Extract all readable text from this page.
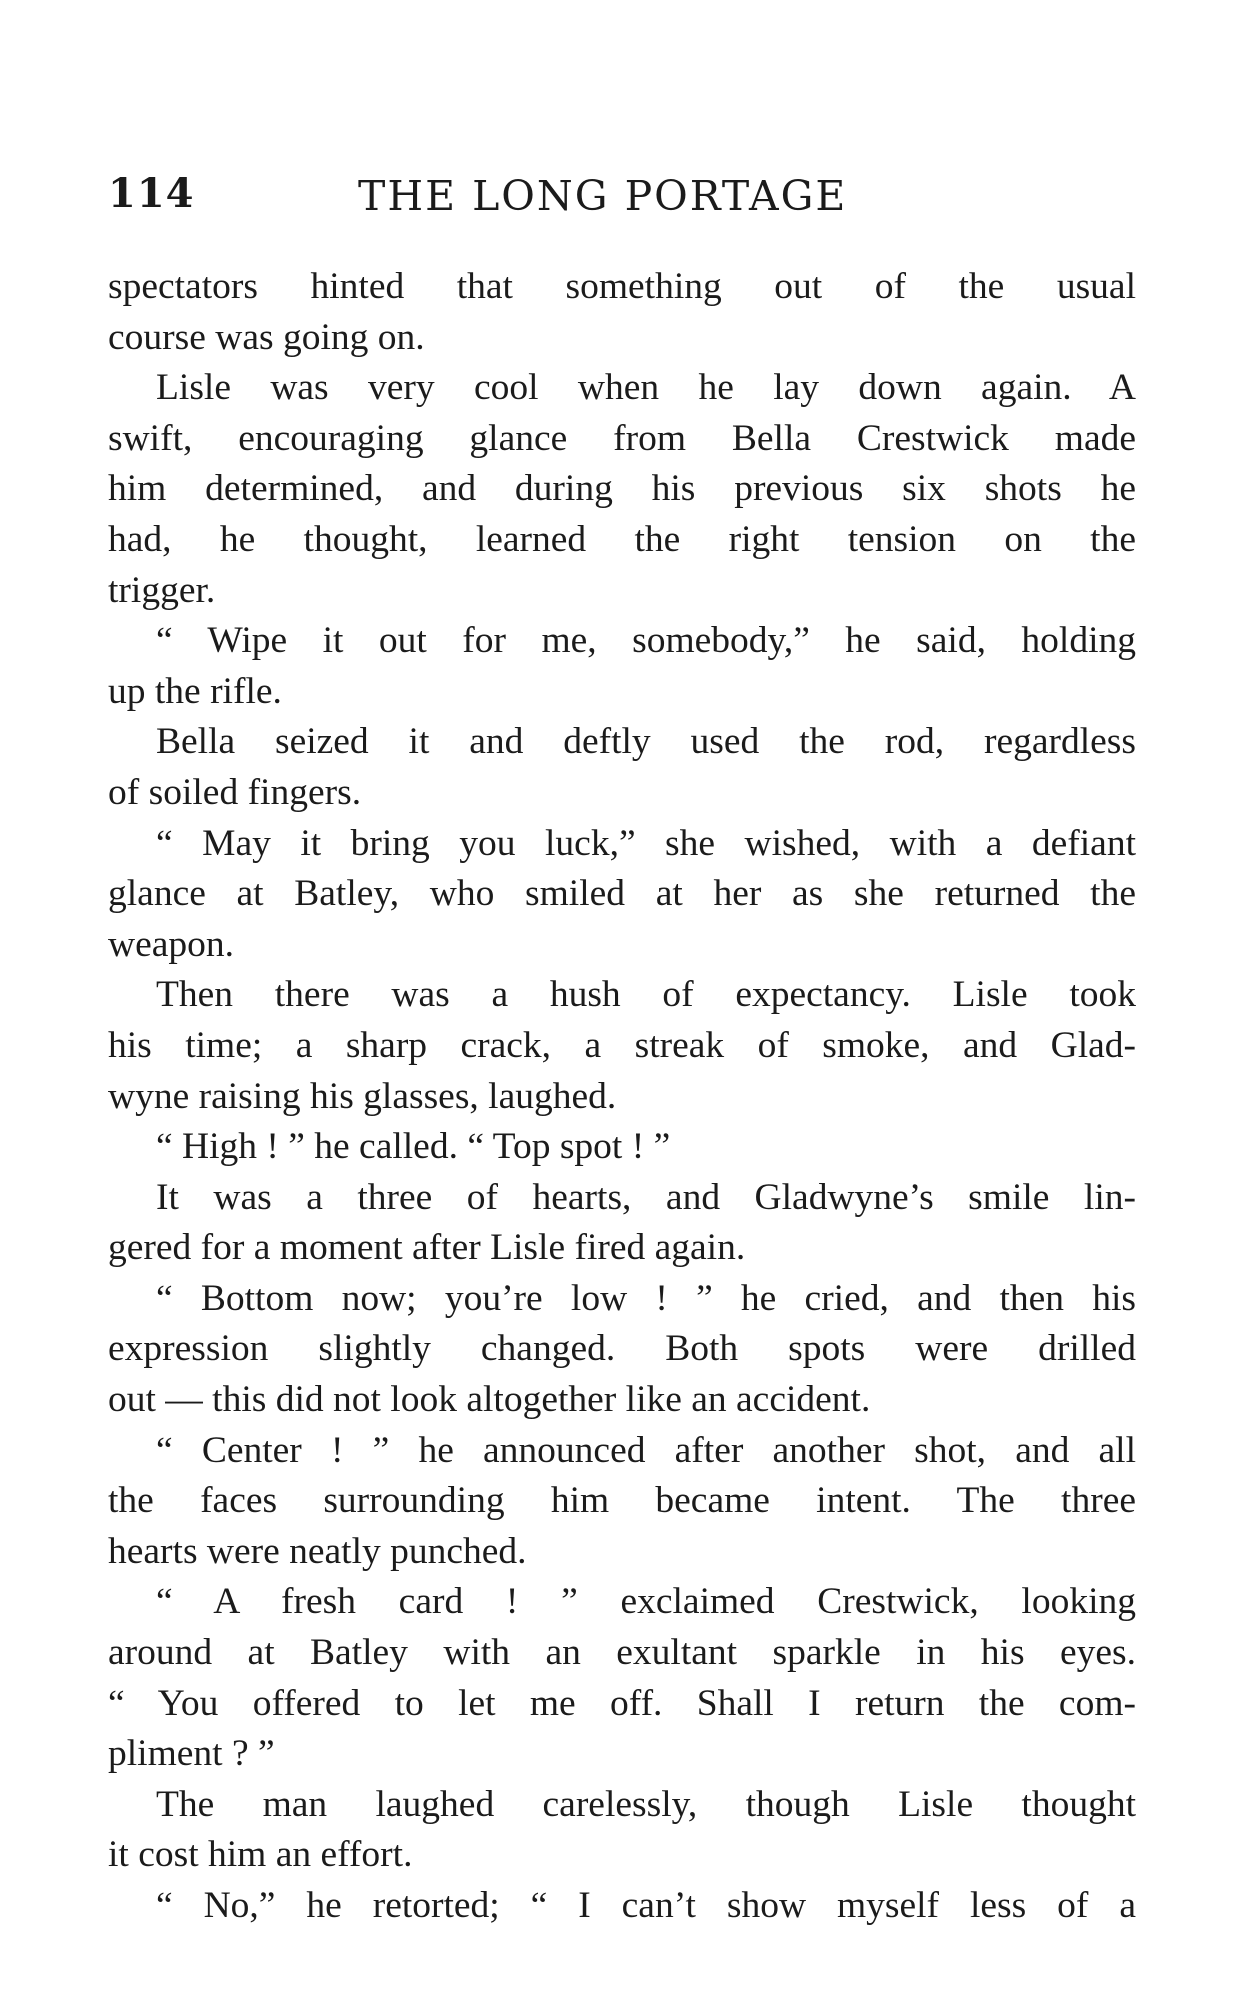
114	THE LONG PORTAGE
spectators hinted that something out of the usual
course was going on.
Lisle was very cool when he lay down again. A
swift, encouraging glance from Bella Crestwick made
him determined, and during his previous six shots he
had, he thought, learned the right tension on the
trigger.
“ Wipe it out for me, somebody,” he said, holding
up the rifle.
Bella seized it and deftly used the rod, regardless
of soiled fingers.
“ May it bring you luck,” she wished, with a defiant
glance at Batley, who smiled at her as she returned the
weapon.
Then there was a hush of expectancy. Lisle took
his time; a sharp crack, a streak of smoke, and Glad-
wyne raising his glasses, laughed.
“ High ! ” he called. “ Top spot ! ”
It was a three of hearts, and Gladwyne’s smile lin-
gered for a moment after Lisle fired again.
“ Bottom now; you’re low ! ” he cried, and then his
expression slightly changed. Both spots were drilled
out — this did not look altogether like an accident.
“ Center ! ” he announced after another shot, and all
the faces surrounding him became intent. The three
hearts were neatly punched.
“ A fresh card ! ” exclaimed Crestwick, looking
around at Batley with an exultant sparkle in his eyes.
“ You offered to let me off. Shall I return the com-
pliment ? ”
The man laughed carelessly, though Lisle thought
it cost him an effort.
“ No,” he retorted; “ I can’t show myself less of a
